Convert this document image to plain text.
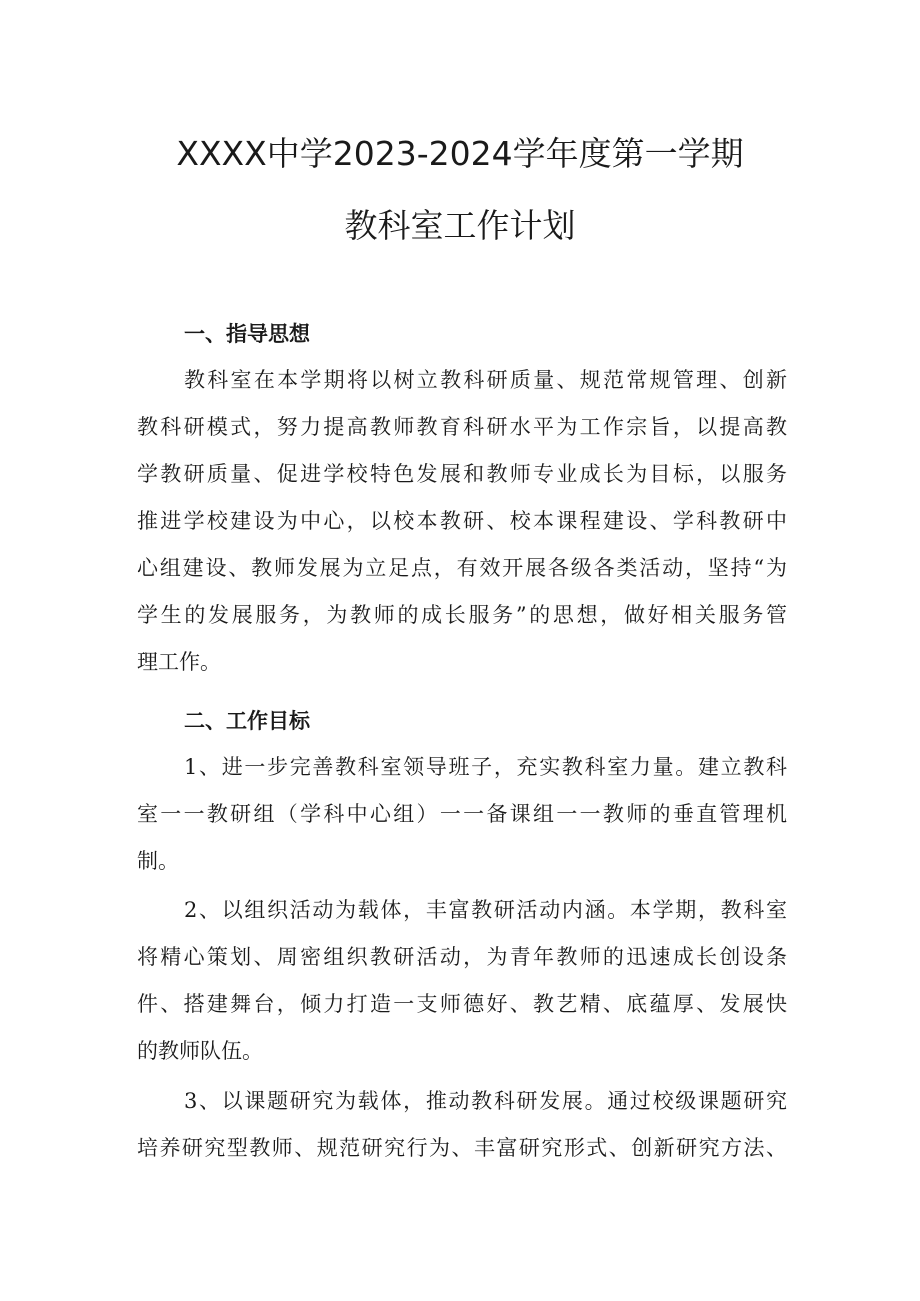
XXXX中学2023-2024学年度第一学期
教科室工作计划
一、指导思想
教科室在本学期将以树立教科研质量、规范常规管理、创新
教科研模式，努力提高教师教育科研水平为工作宗旨，以提高教
学教研质量、促进学校特色发展和教师专业成长为目标，以服务
推进学校建设为中心，以校本教研、校本课程建设、学科教研中
心组建设、教师发展为立足点，有效开展各级各类活动，坚持“为
学生的发展服务，为教师的成长服务”的思想，做好相关服务管
理工作。
二、工作目标
1、进一步完善教科室领导班子，充实教科室力量。建立教科
室一一教研组（学科中心组）一一备课组一一教师的垂直管理机
制。
2、以组织活动为载体，丰富教研活动内涵。本学期，教科室
将精心策划、周密组织教研活动，为青年教师的迅速成长创设条
件、搭建舞台，倾力打造一支师德好、教艺精、底蕴厚、发展快
的教师队伍。
3、以课题研究为载体，推动教科研发展。通过校级课题研究
培养研究型教师、规范研究行为、丰富研究形式、创新研究方法、
